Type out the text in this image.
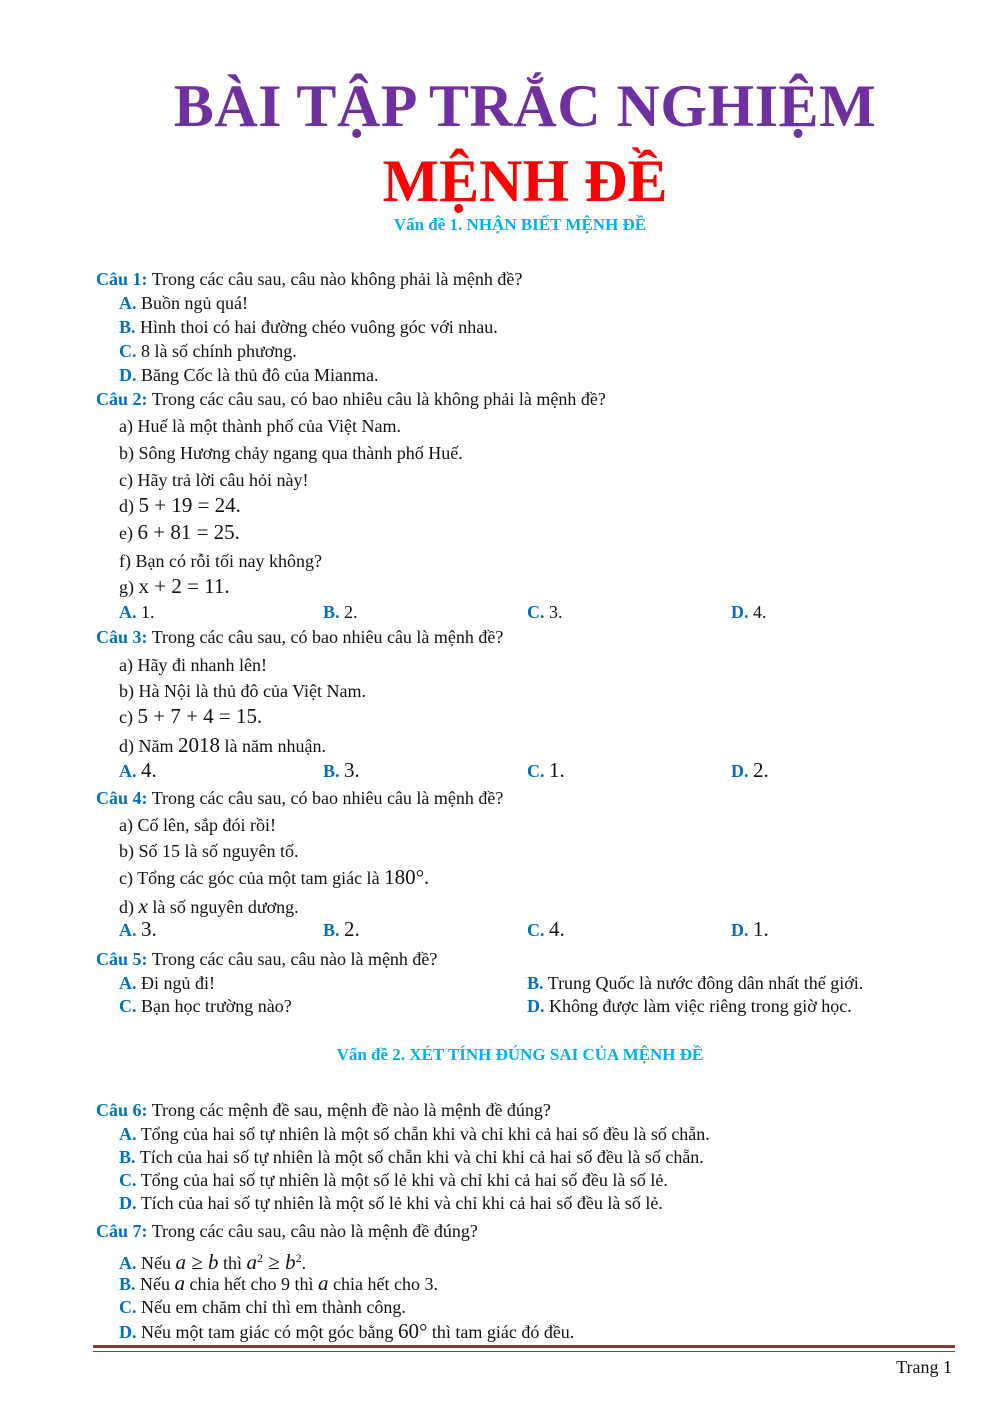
BÀI TẬP TRẮC NGHIỆM
MỆNH ĐỀ
Vấn đề 1. NHẬN BIẾT MỆNH ĐỀ
Câu 1: Trong các câu sau, câu nào không phải là mệnh đề?
A. Buồn ngủ quá!
B. Hình thoi có hai đường chéo vuông góc với nhau.
C. 8 là số chính phương.
D. Băng Cốc là thủ đô của Mianma.
Câu 2: Trong các câu sau, có bao nhiêu câu là không phải là mệnh đề?
a) Huế là một thành phố của Việt Nam.
b) Sông Hương chảy ngang qua thành phố Huế.
c) Hãy trả lời câu hỏi này!
d) 5 + 19 = 24.
e) 6 + 81 = 25.
f) Bạn có rỗi tối nay không?
g) x + 2 = 11.
A. 1.	B. 2.	C. 3.	D. 4.
Câu 3: Trong các câu sau, có bao nhiêu câu là mệnh đề?
a) Hãy đi nhanh lên!
b) Hà Nội là thủ đô của Việt Nam.
c) 5 + 7 + 4 = 15.
d) Năm 2018 là năm nhuận.
A. 4.	B. 3.	C. 1.	D. 2.
Câu 4: Trong các câu sau, có bao nhiêu câu là mệnh đề?
a) Cố lên, sắp đói rồi!
b) Số 15 là số nguyên tố.
c) Tổng các góc của một tam giác là 180°.
d) x là số nguyên dương.
A. 3.	B. 2.	C. 4.	D. 1.
Câu 5: Trong các câu sau, câu nào là mệnh đề?
A. Đi ngủ đi!	B. Trung Quốc là nước đông dân nhất thế giới.
C. Bạn học trường nào?	D. Không được làm việc riêng trong giờ học.
Vấn đề 2. XÉT TÍNH ĐÚNG SAI CỦA MỆNH ĐỀ
Câu 6: Trong các mệnh đề sau, mệnh đề nào là mệnh đề đúng?
A. Tổng của hai số tự nhiên là một số chẵn khi và chỉ khi cả hai số đều là số chẵn.
B. Tích của hai số tự nhiên là một số chẵn khi và chỉ khi cả hai số đều là số chẵn.
C. Tổng của hai số tự nhiên là một số lẻ khi và chỉ khi cả hai số đều là số lẻ.
D. Tích của hai số tự nhiên là một số lẻ khi và chỉ khi cả hai số đều là số lẻ.
Câu 7: Trong các câu sau, câu nào là mệnh đề đúng?
A. Nếu a ≥ b thì $a^2 \ge b^2$.
B. Nếu a chia hết cho 9 thì a chia hết cho 3.
C. Nếu em chăm chỉ thì em thành công.
D. Nếu một tam giác có một góc bằng 60° thì tam giác đó đều.
Trang 1
